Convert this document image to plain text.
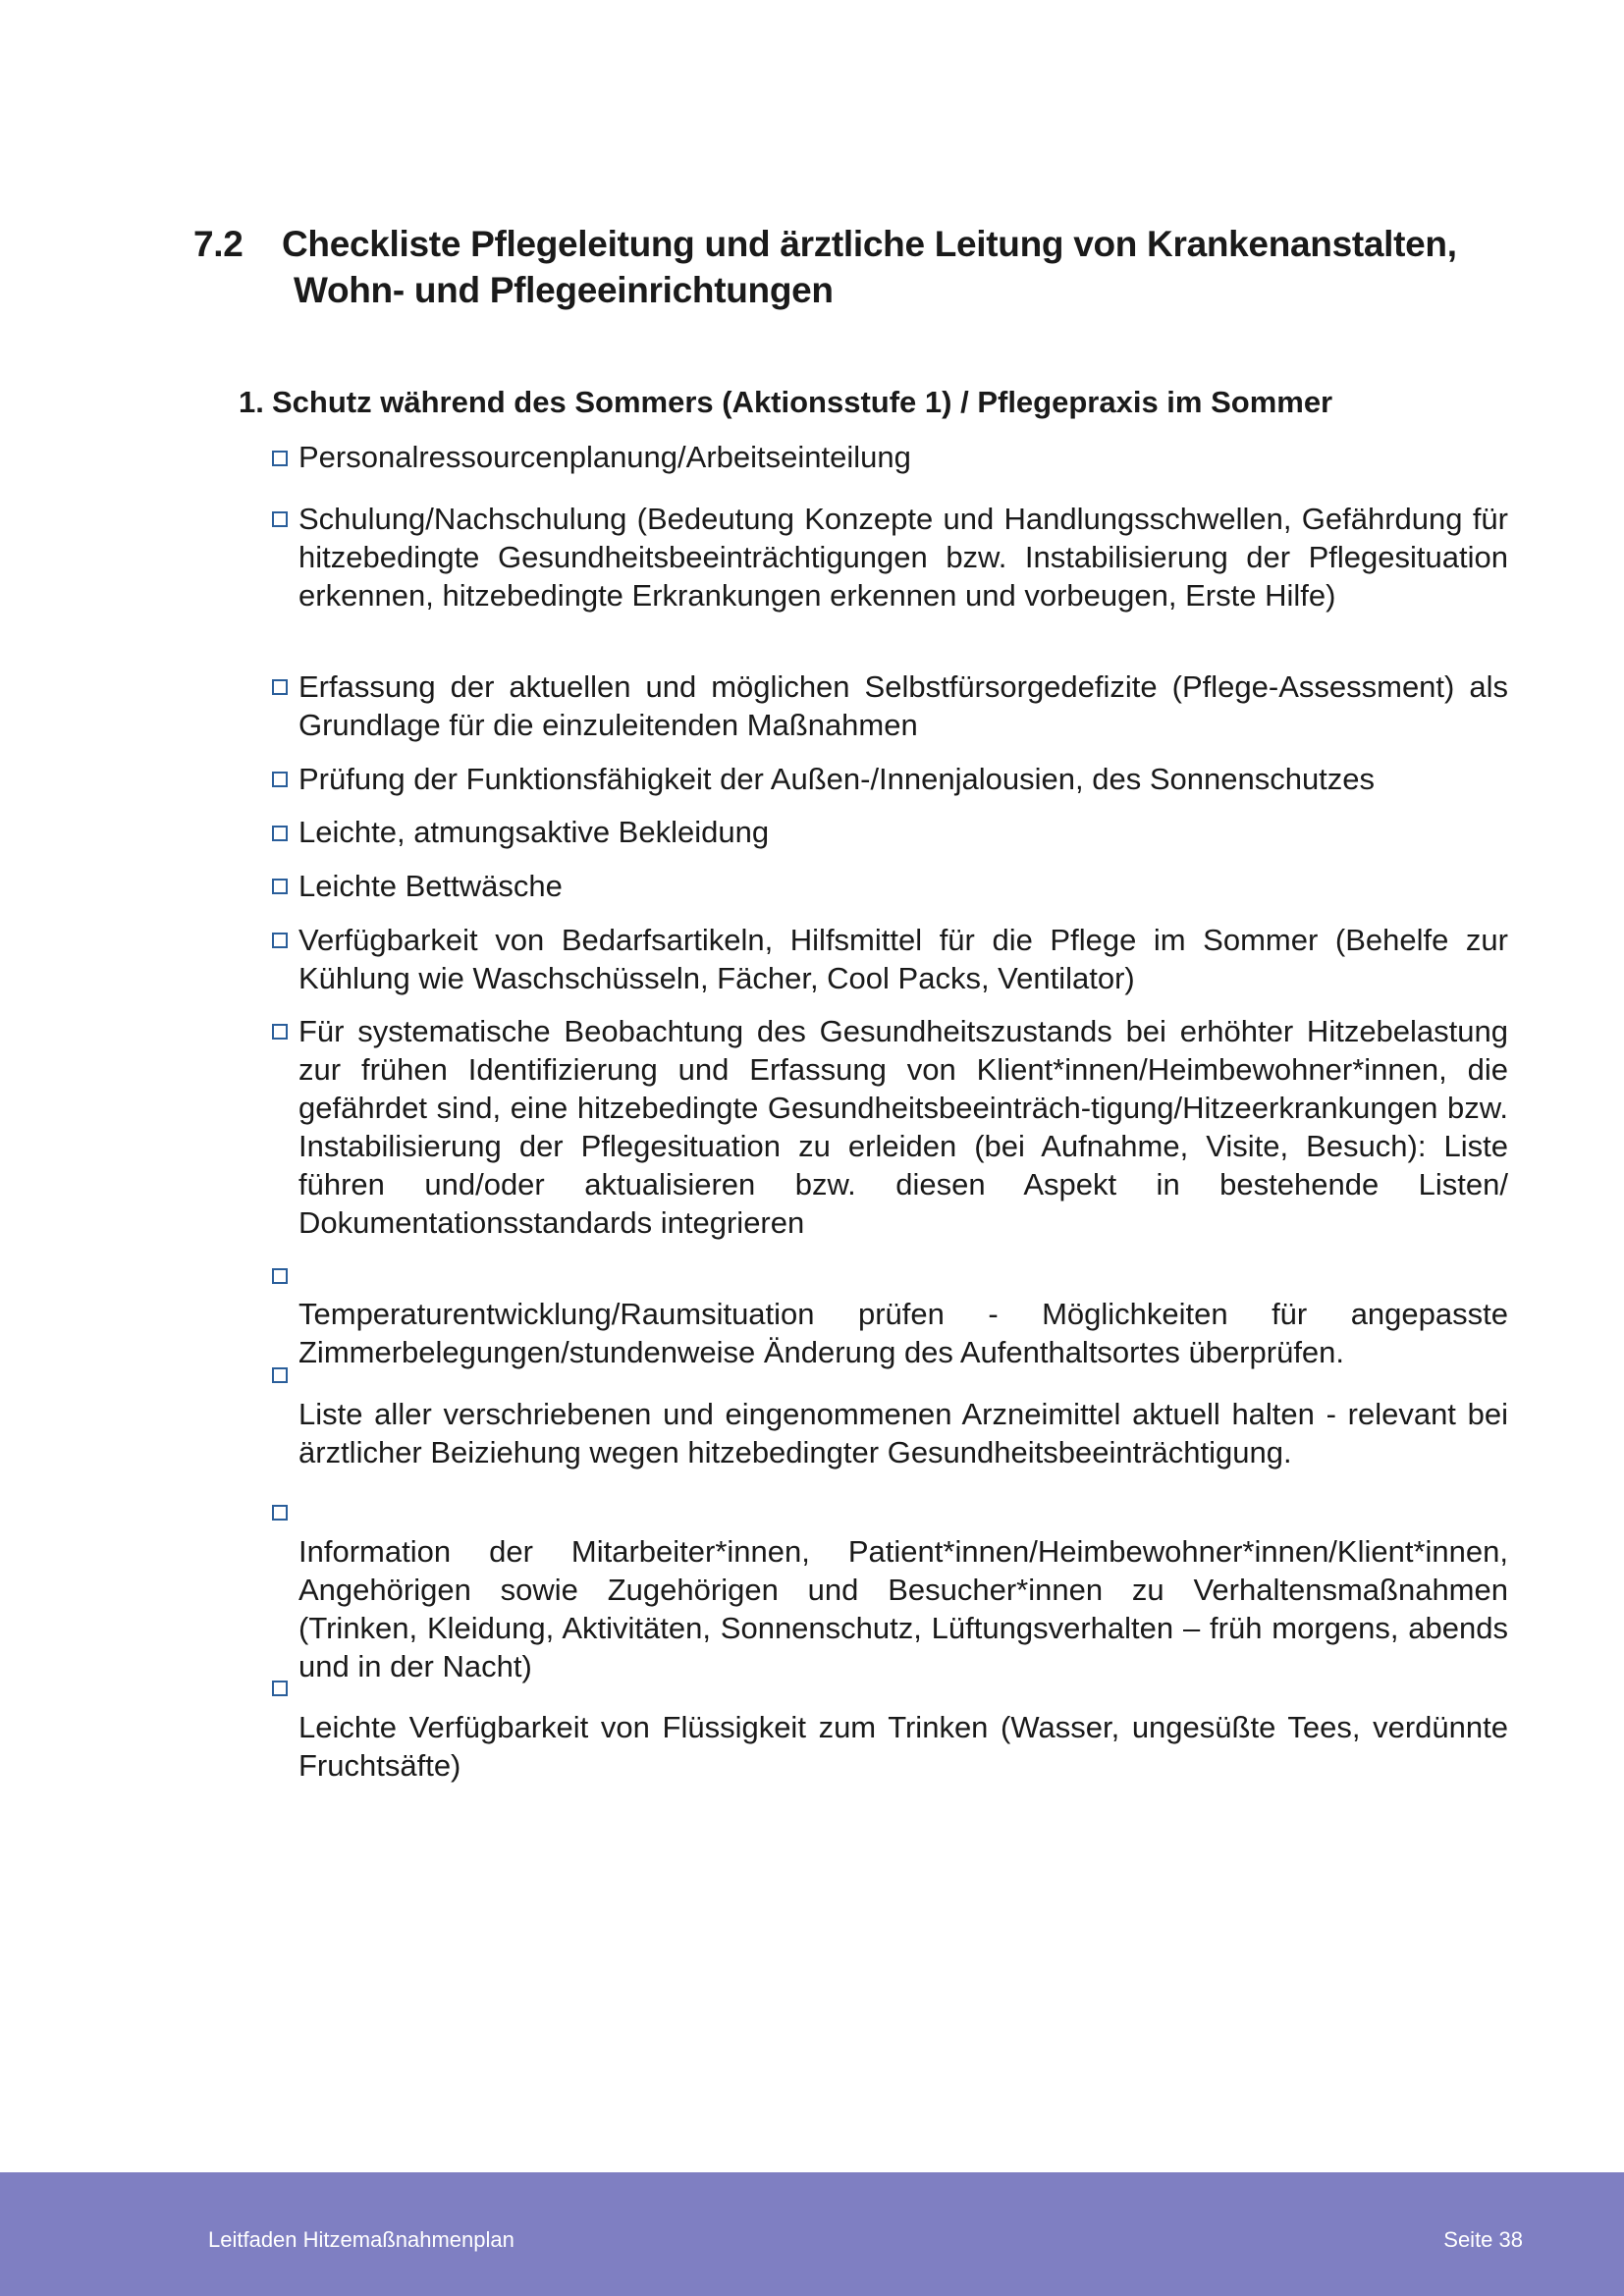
7.2 Checkliste Pflegeleitung und ärztliche Leitung von Krankenanstalten,
Wohn- und Pflegeeinrichtungen
1. Schutz während des Sommers (Aktionsstufe 1) / Pflegepraxis im Sommer
Personalressourcenplanung/Arbeitseinteilung
Schulung/Nachschulung (Bedeutung Konzepte und Handlungsschwellen, Gefährdung für hitzebedingte Gesundheitsbeeinträchtigungen bzw. Instabilisierung der Pflegesituation erkennen, hitzebedingte Erkrankungen erkennen und vorbeugen, Erste Hilfe)
Erfassung der aktuellen und möglichen Selbstfürsorgedefizite (Pflege-Assessment) als Grundlage für die einzuleitenden Maßnahmen
Prüfung der Funktionsfähigkeit der Außen-/Innenjalousien, des Sonnenschutzes
Leichte, atmungsaktive Bekleidung
Leichte Bettwäsche
Verfügbarkeit von Bedarfsartikeln, Hilfsmittel für die Pflege im Sommer (Behelfe zur Kühlung wie Waschschüsseln, Fächer, Cool Packs, Ventilator)
Für systematische Beobachtung des Gesundheitszustands bei erhöhter Hitzebelastung zur frühen Identifizierung und Erfassung von Klient*innen/Heimbewohner*innen, die gefährdet sind, eine hitzebedingte Gesundheitsbeeinträch-tigung/Hitzeerkrankungen bzw. Instabilisierung der Pflegesituation zu erleiden (bei Aufnahme, Visite, Besuch): Liste führen und/oder aktualisieren bzw. diesen Aspekt in bestehende Listen/ Dokumentationsstandards integrieren
Temperaturentwicklung/Raumsituation prüfen - Möglichkeiten für angepasste Zimmerbelegungen/stundenweise Änderung des Aufenthaltsortes überprüfen.
Liste aller verschriebenen und eingenommenen Arzneimittel aktuell halten - relevant bei ärztlicher Beiziehung wegen hitzebedingter Gesundheitsbeeinträchtigung.
Information der Mitarbeiter*innen, Patient*innen/Heimbewohner*innen/Klient*innen, Angehörigen sowie Zugehörigen und Besucher*innen zu Verhaltensmaßnahmen (Trinken, Kleidung, Aktivitäten, Sonnenschutz, Lüftungsverhalten – früh morgens, abends und in der Nacht)
Leichte Verfügbarkeit von Flüssigkeit zum Trinken (Wasser, ungesüßte Tees, verdünnte Fruchtsäfte)
Leitfaden Hitzemaßnahmenplan	Seite 38
